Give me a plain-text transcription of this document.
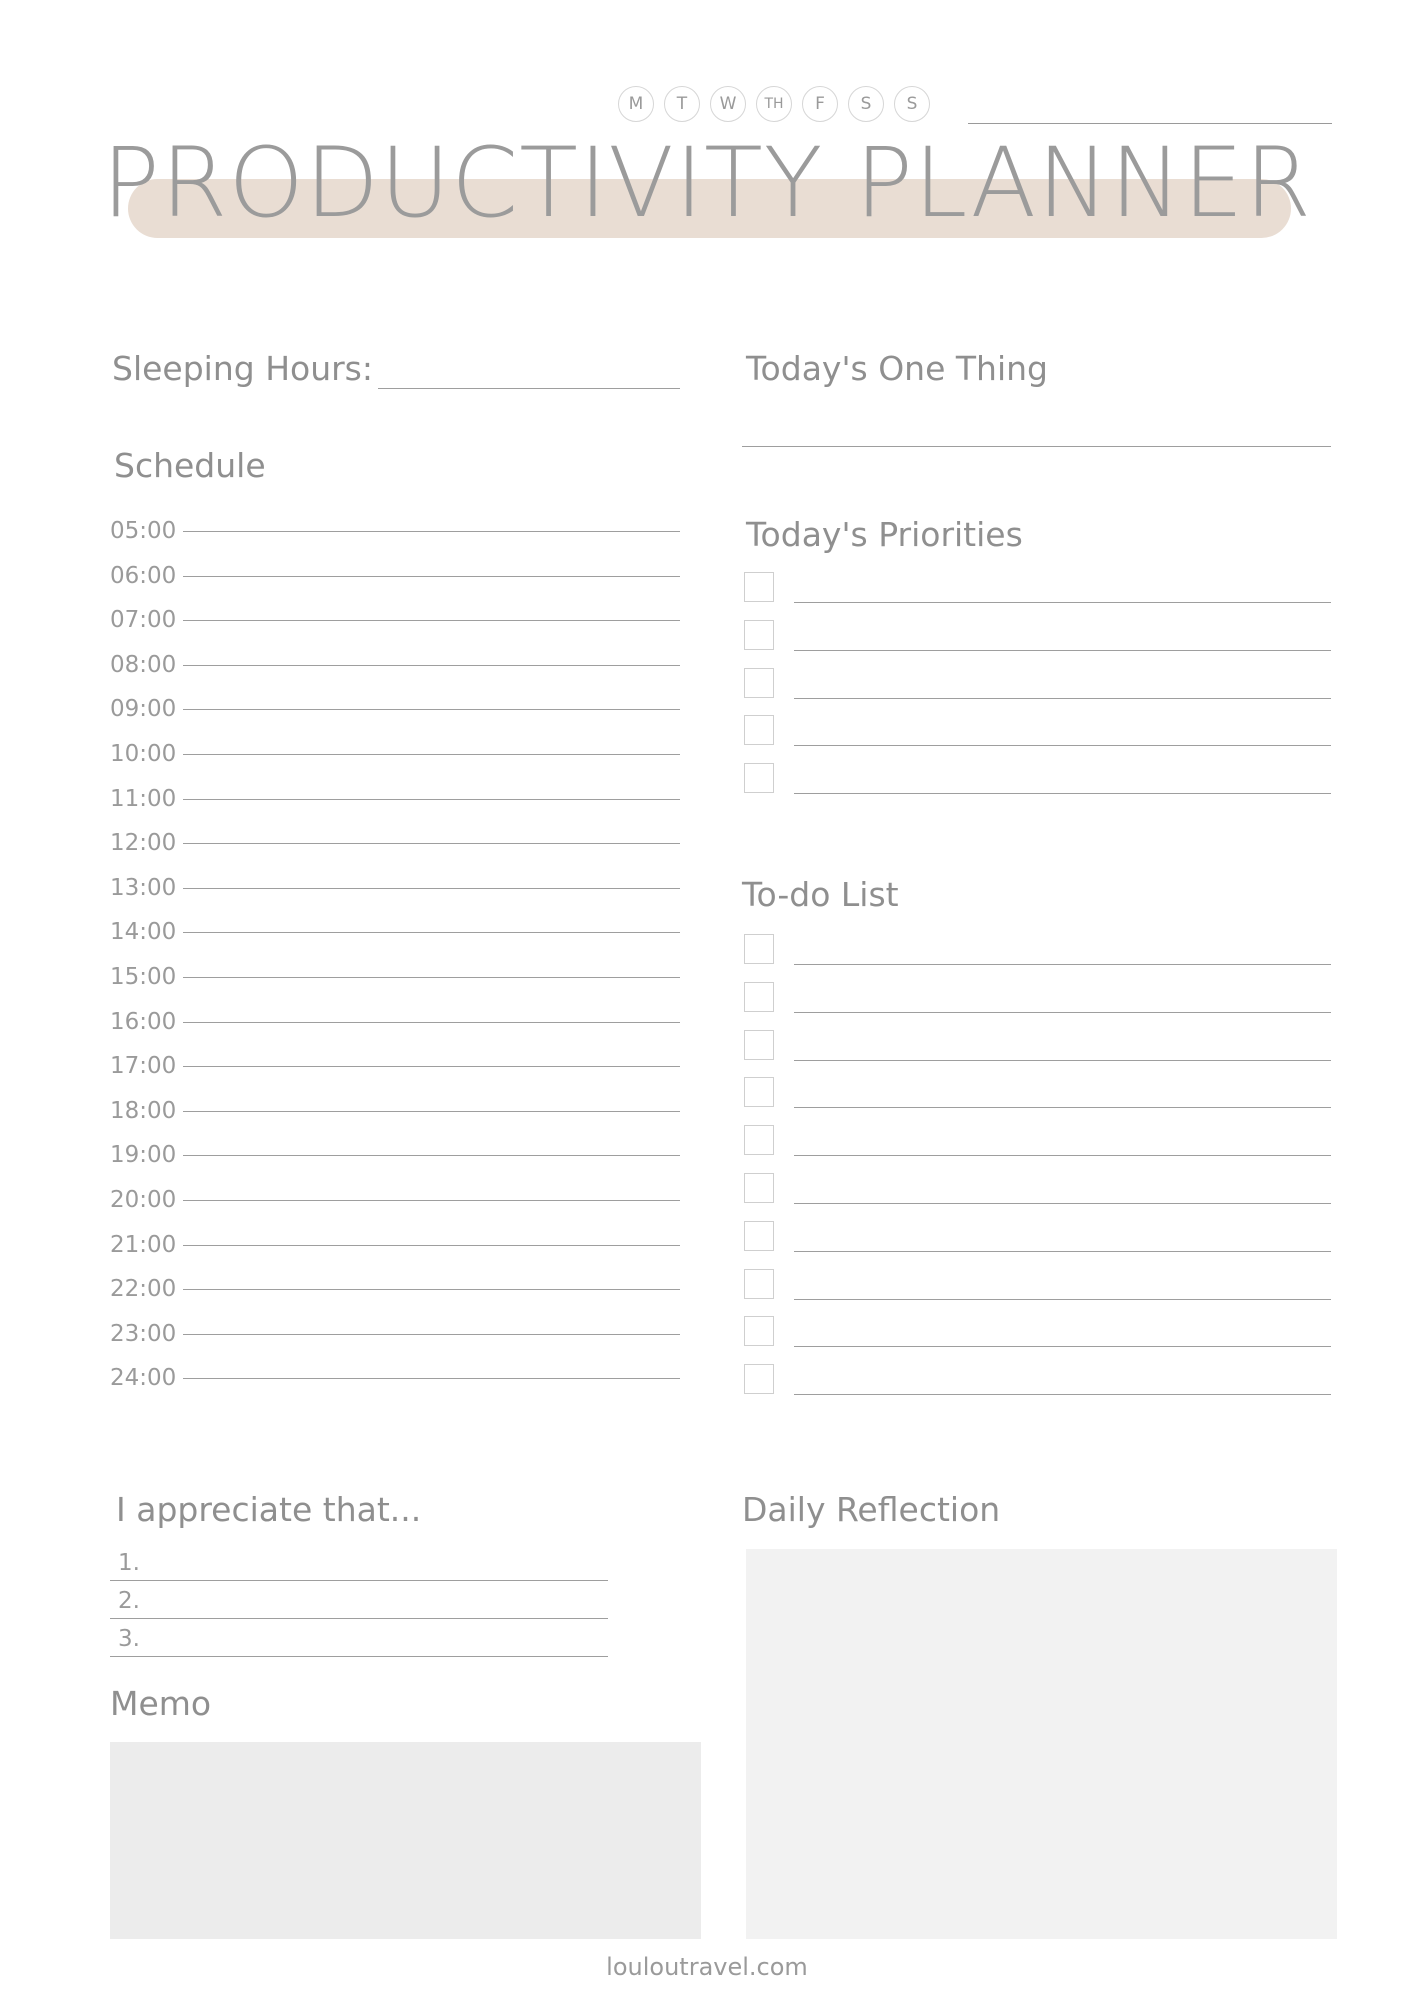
M	T	W	TH	F	S	S
PRODUCTIVITY PLANNER
Sleeping Hours:
Schedule
05:00
06:00
07:00
08:00
09:00
10:00
11:00
12:00
13:00
14:00
15:00
16:00
17:00
18:00
19:00
20:00
21:00
22:00
23:00
24:00
Today's One Thing
Today's Priorities
To-do List
I appreciate that...
1.
2.
3.
Memo
Daily Reflection
louloutravel.com
